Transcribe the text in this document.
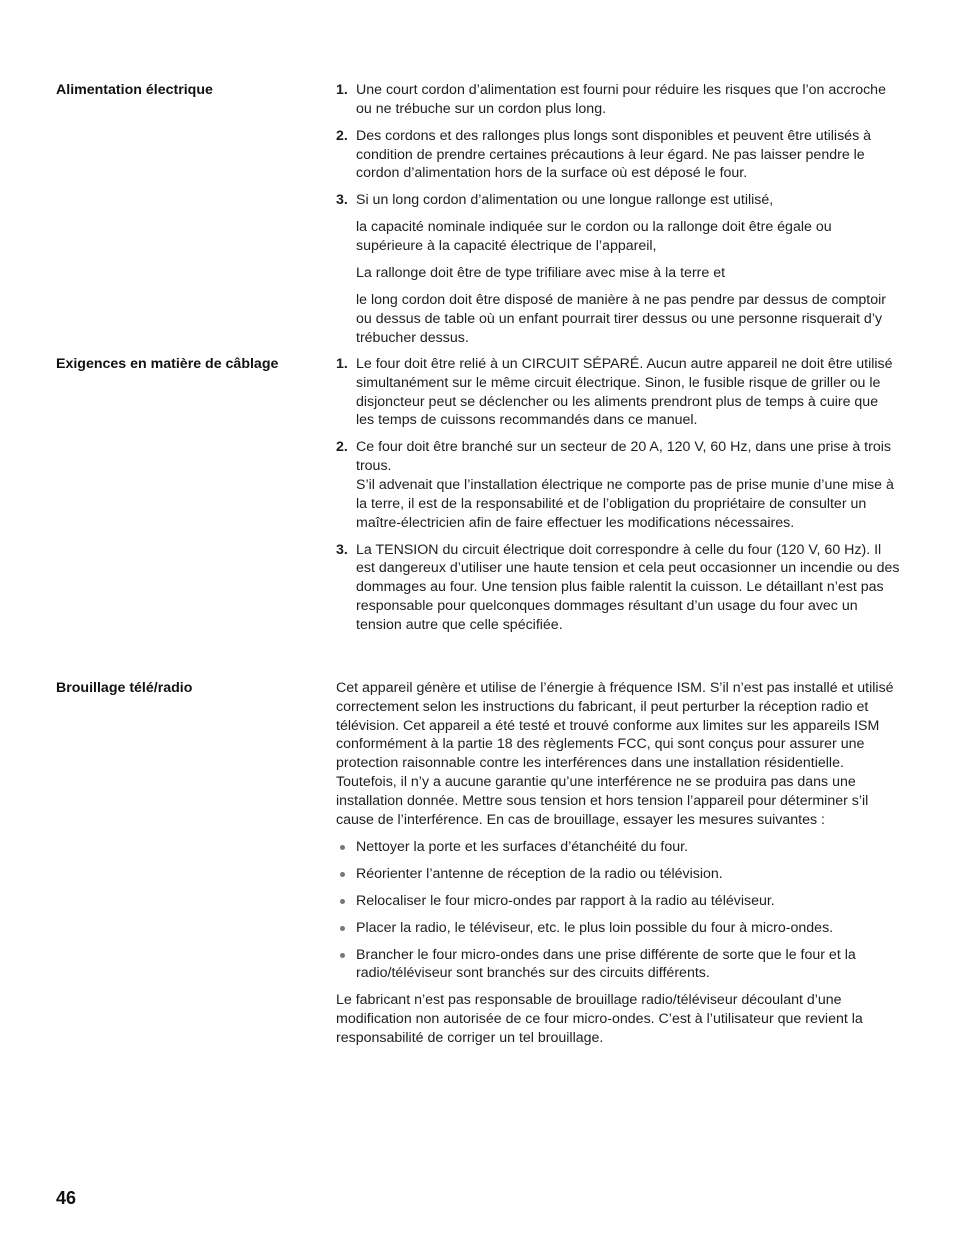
Alimentation électrique	1. Une court cordon d’alimentation est fourni pour réduire les risques que l’on accroche ou ne trébuche sur un cordon plus long.
2. Des cordons et des rallonges plus longs sont disponibles et peuvent être utilisés à condition de prendre certaines précautions à leur égard. Ne pas laisser pendre le cordon d’alimentation hors de la surface où est déposé le four.
3. Si un long cordon d’alimentation ou une longue rallonge est utilisé,

la capacité nominale indiquée sur le cordon ou la rallonge doit être égale ou supérieure à la capacité électrique de l’appareil,

La rallonge doit être de type trifiliare avec mise à la terre et

le long cordon doit être disposé de manière à ne pas pendre par dessus de comptoir ou dessus de table où un enfant pourrait tirer dessus ou une personne risquerait d’y trébucher dessus.

Exigences en matière de câblage	1. Le four doit être relié à un CIRCUIT SÉPARÉ. Aucun autre appareil ne doit être utilisé simultanément sur le même circuit électrique. Sinon, le fusible risque de griller ou le disjoncteur peut se déclencher ou les aliments prendront plus de temps à cuire que les temps de cuissons recommandés dans ce manuel.
2. Ce four doit être branché sur un secteur de 20 A, 120 V, 60 Hz, dans une prise à trois trous.
S’il advenait que l’installation électrique ne comporte pas de prise munie d’une mise à la terre, il est de la responsabilité et de l’obligation du propriétaire de consulter un maître-électricien afin de faire effectuer les modifications nécessaires.
3. La TENSION du circuit électrique doit correspondre à celle du four (120 V, 60 Hz). Il est dangereux d’utiliser une haute tension et cela peut occasionner un incendie ou des dommages au four. Une tension plus faible ralentit la cuisson. Le détaillant n’est pas responsable pour quelconques dommages résultant d’un usage du four avec un tension autre que celle spécifiée.
Brouillage télé/radio	Cet appareil génère et utilise de l’énergie à fréquence ISM. S’il n’est pas installé et utilisé correctement selon les instructions du fabricant, il peut perturber la réception radio et télévision. Cet appareil a été testé et trouvé conforme aux limites sur les appareils ISM conformément à la partie 18 des règlements FCC, qui sont conçus pour assurer une protection raisonnable contre les interférences dans une installation résidentielle. Toutefois, il n’y a aucune garantie qu’une interférence ne se produira pas dans une installation donnée. Mettre sous tension et hors tension l’appareil pour déterminer s’il cause de l’interférence. En cas de brouillage, essayer les mesures suivantes :

Nettoyer la porte et les surfaces d’étanchéité du four.
Réorienter l’antenne de réception de la radio ou télévision.
Relocaliser le four micro-ondes par rapport à la radio au téléviseur.
Placer la radio, le téléviseur, etc. le plus loin possible du four à micro-ondes.
Brancher le four micro-ondes dans une prise différente de sorte que le four et la radio/téléviseur sont branchés sur des circuits différents.

Le fabricant n’est pas responsable de brouillage radio/téléviseur découlant d’une modification non autorisée de ce four micro-ondes. C’est à l’utilisateur que revient la responsabilité de corriger un tel brouillage.

46
